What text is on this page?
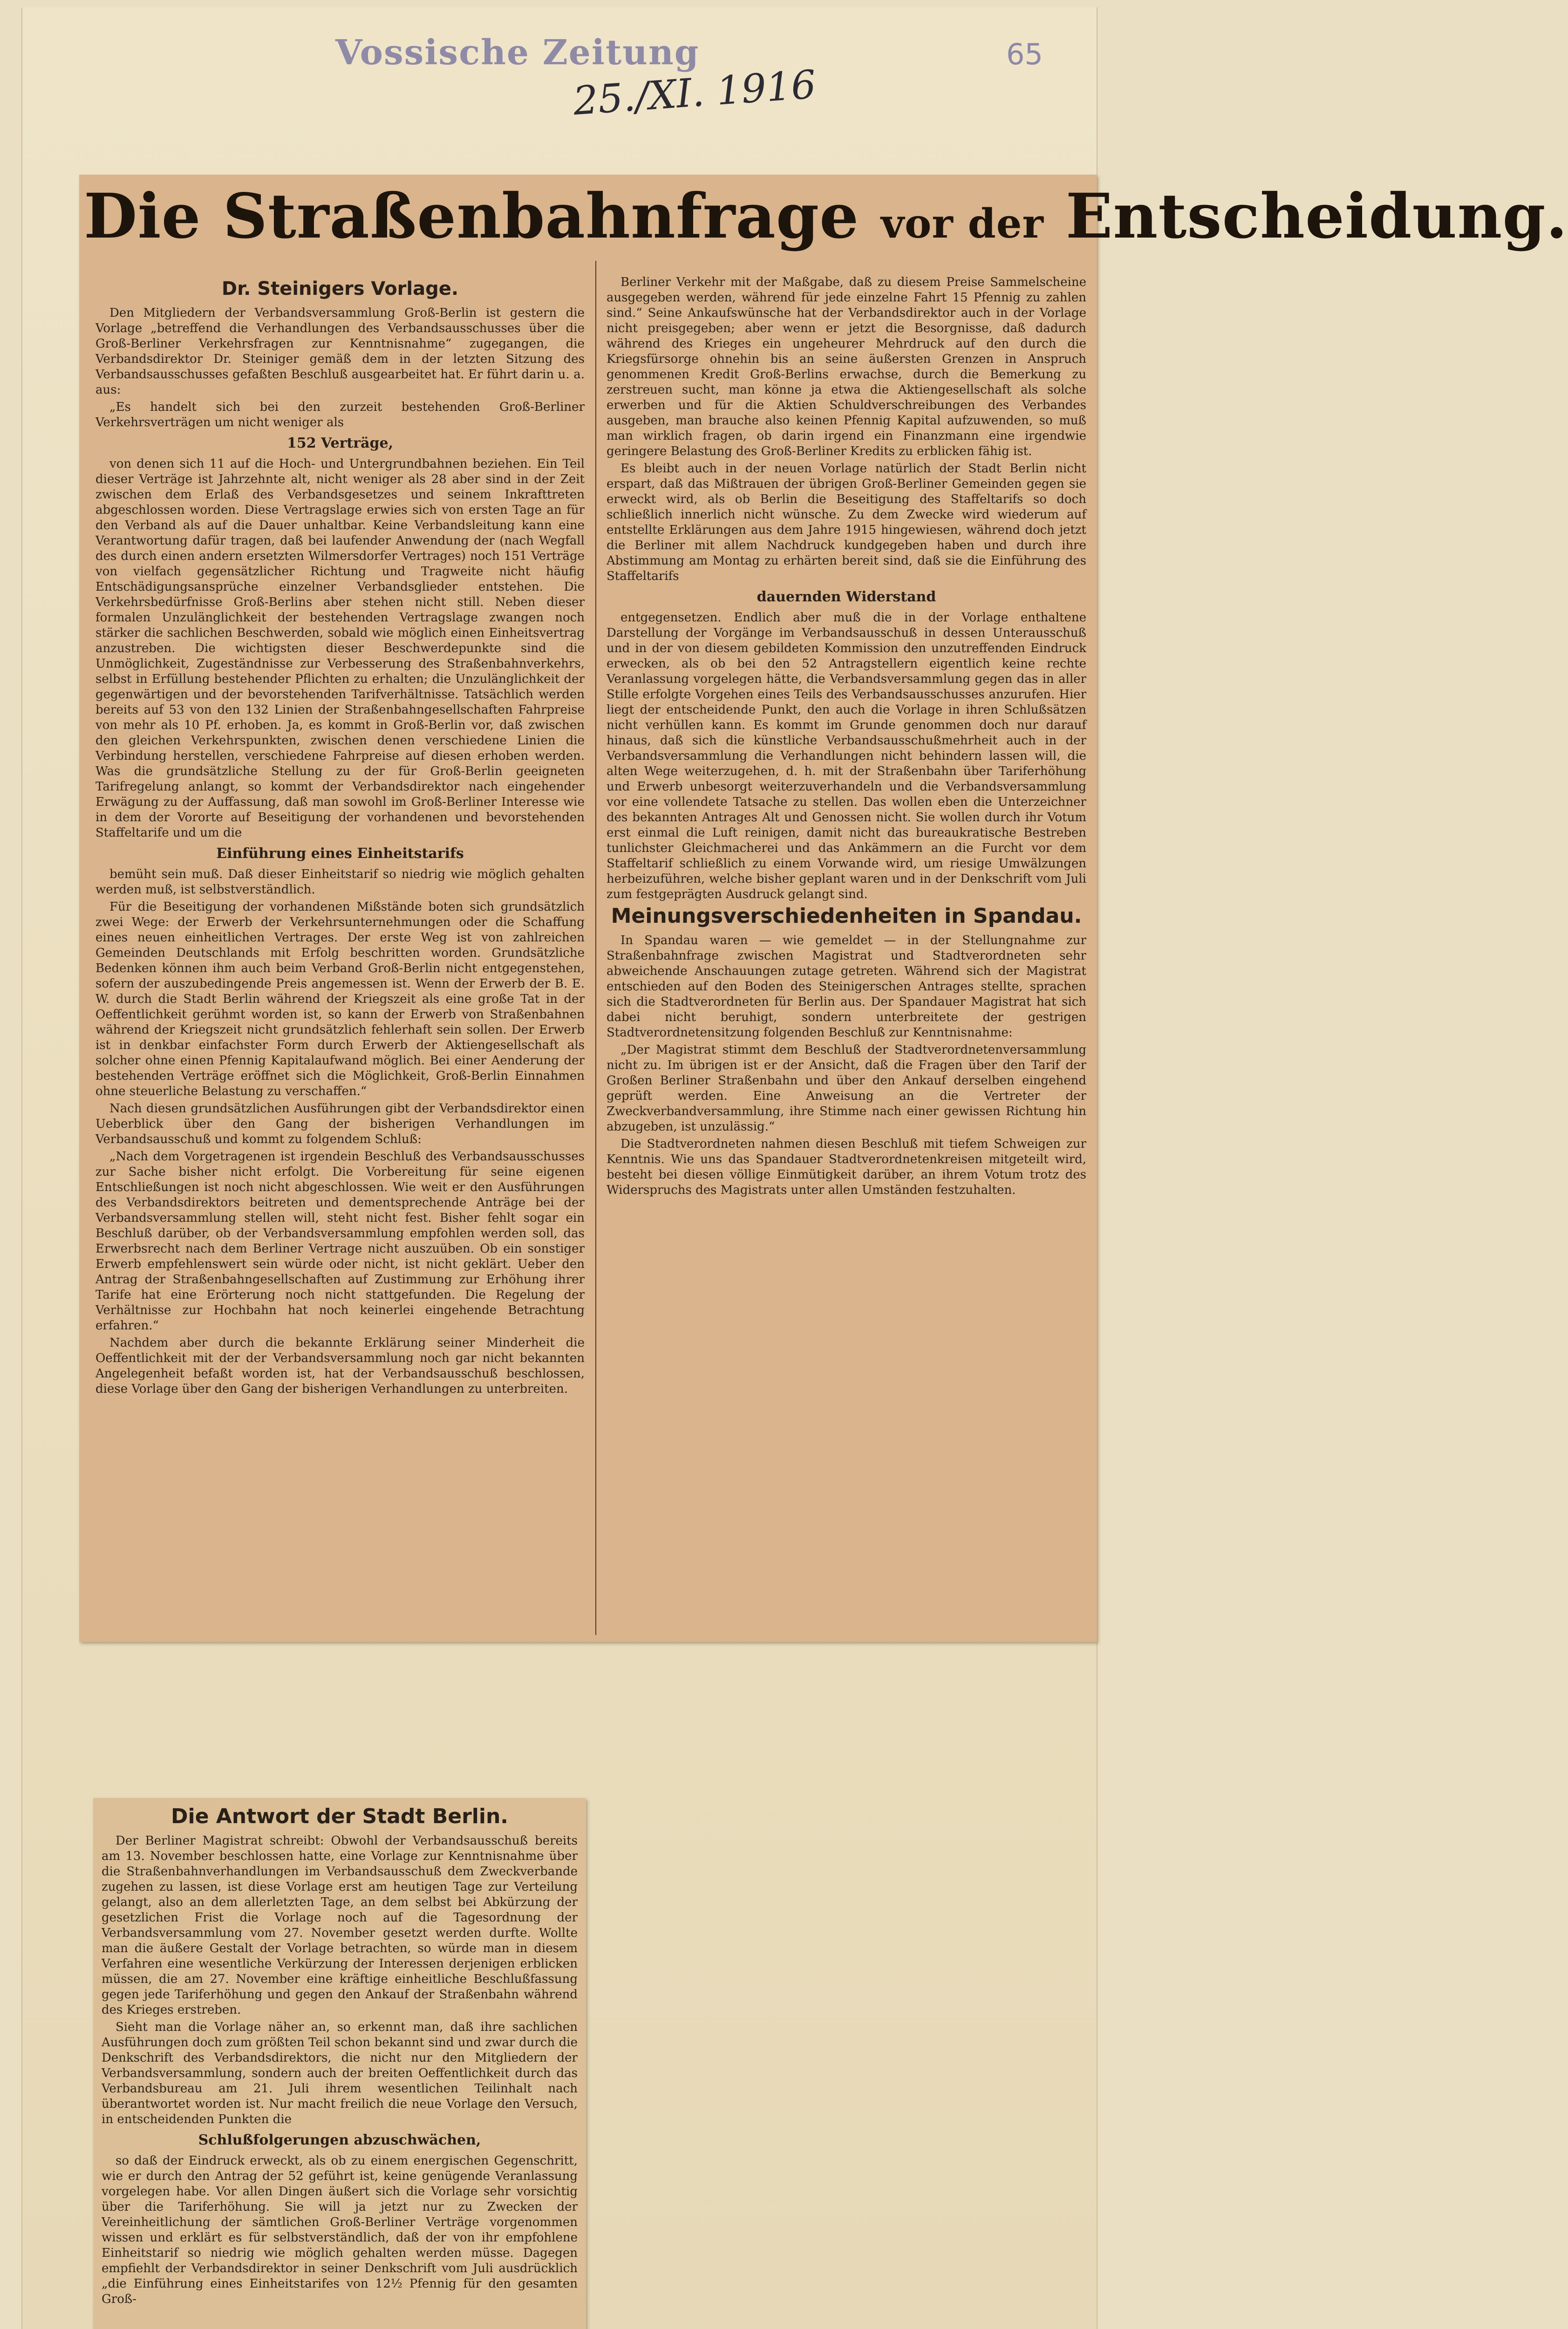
Vossische Zeitung
25./XI. 1916
65
Die Straßenbahnfrage vor der Entscheidung.
Dr. Steinigers Vorlage.

Den Mitgliedern der Verbandsversammlung Groß-Berlin ist gestern die Vorlage „betreffend die Verhandlungen des Verbandsausschusses über die Groß-Berliner Verkehrsfragen zur Kenntnisnahme“ zugegangen, die Verbandsdirektor Dr. Steiniger gemäß dem in der letzten Sitzung des Verbandsausschusses gefaßten Beschluß ausgearbeitet hat. Er führt darin u. a. aus:

„Es handelt sich bei den zurzeit bestehenden Groß-Berliner Verkehrsverträgen um nicht weniger als

152 Verträge,

von denen sich 11 auf die Hoch- und Untergrundbahnen beziehen. Ein Teil dieser Verträge ist Jahrzehnte alt, nicht weniger als 28 aber sind in der Zeit zwischen dem Erlaß des Verbandsgesetzes und seinem Inkrafttreten abgeschlossen worden. Diese Vertragslage erwies sich von ersten Tage an für den Verband als auf die Dauer unhaltbar. Keine Verbandsleitung kann eine Verantwortung dafür tragen, daß bei laufender Anwendung der (nach Wegfall des durch einen andern ersetzten Wilmersdorfer Vertrages) noch 151 Verträge von vielfach gegensätzlicher Richtung und Tragweite nicht häufig Entschädigungsansprüche einzelner Verbandsglieder entstehen. Die Verkehrsbedürfnisse Groß-Berlins aber stehen nicht still. Neben dieser formalen Unzulänglichkeit der bestehenden Vertragslage zwangen noch stärker die sachlichen Beschwerden, sobald wie möglich einen Einheitsvertrag anzustreben. Die wichtigsten dieser Beschwerdepunkte sind die Unmöglichkeit, Zugeständnisse zur Verbesserung des Straßenbahnverkehrs, selbst in Erfüllung bestehender Pflichten zu erhalten; die Unzulänglichkeit der gegenwärtigen und der bevorstehenden Tarifverhältnisse. Tatsächlich werden bereits auf 53 von den 132 Linien der Straßenbahngesellschaften Fahrpreise von mehr als 10 Pf. erhoben. Ja, es kommt in Groß-Berlin vor, daß zwischen den gleichen Verkehrspunkten, zwischen denen verschiedene Linien die Verbindung herstellen, verschiedene Fahrpreise auf diesen erhoben werden. Was die grundsätzliche Stellung zu der für Groß-Berlin geeigneten Tarifregelung anlangt, so kommt der Verbandsdirektor nach eingehender Erwägung zu der Auffassung, daß man sowohl im Groß-Berliner Interesse wie in dem der Vororte auf Beseitigung der vorhandenen und bevorstehenden Staffeltarife und um die

Einführung eines Einheitstarifs

bemüht sein muß. Daß dieser Einheitstarif so niedrig wie möglich gehalten werden muß, ist selbstverständlich.

Für die Beseitigung der vorhandenen Mißstände boten sich grundsätzlich zwei Wege: der Erwerb der Verkehrsunternehmungen oder die Schaffung eines neuen einheitlichen Vertrages. Der erste Weg ist von zahlreichen Gemeinden Deutschlands mit Erfolg beschritten worden. Grundsätzliche Bedenken können ihm auch beim Verband Groß-Berlin nicht entgegenstehen, sofern der auszubedingende Preis angemessen ist. Wenn der Erwerb der B. E. W. durch die Stadt Berlin während der Kriegszeit als eine große Tat in der Oeffentlichkeit gerühmt worden ist, so kann der Erwerb von Straßenbahnen während der Kriegszeit nicht grundsätzlich fehlerhaft sein sollen. Der Erwerb ist in denkbar einfachster Form durch Erwerb der Aktiengesellschaft als solcher ohne einen Pfennig Kapitalaufwand möglich. Bei einer Aenderung der bestehenden Verträge eröffnet sich die Möglichkeit, Groß-Berlin Einnahmen ohne steuerliche Belastung zu verschaffen.“

Nach diesen grundsätzlichen Ausführungen gibt der Verbandsdirektor einen Ueberblick über den Gang der bisherigen Verhandlungen im Verbandsausschuß und kommt zu folgendem Schluß:

„Nach dem Vorgetragenen ist irgendein Beschluß des Verbandsausschusses zur Sache bisher nicht erfolgt. Die Vorbereitung für seine eigenen Entschließungen ist noch nicht abgeschlossen. Wie weit er den Ausführungen des Verbandsdirektors beitreten und dementsprechende Anträge bei der Verbandsversammlung stellen will, steht nicht fest. Bisher fehlt sogar ein Beschluß darüber, ob der Verbandsversammlung empfohlen werden soll, das Erwerbsrecht nach dem Berliner Vertrage nicht auszuüben. Ob ein sonstiger Erwerb empfehlenswert sein würde oder nicht, ist nicht geklärt. Ueber den Antrag der Straßenbahngesellschaften auf Zustimmung zur Erhöhung ihrer Tarife hat eine Erörterung noch nicht stattgefunden. Die Regelung der Verhältnisse zur Hochbahn hat noch keinerlei eingehende Betrachtung erfahren.“

Nachdem aber durch die bekannte Erklärung seiner Minderheit die Oeffentlichkeit mit der der Verbandsversammlung noch gar nicht bekannten Angelegenheit befaßt worden ist, hat der Verbandsausschuß beschlossen, diese Vorlage über den Gang der bisherigen Verhandlungen zu unterbreiten.

Berliner Verkehr mit der Maßgabe, daß zu diesem Preise Sammelscheine ausgegeben werden, während für jede einzelne Fahrt 15 Pfennig zu zahlen sind.“ Seine Ankaufswünsche hat der Verbandsdirektor auch in der Vorlage nicht preisgegeben; aber wenn er jetzt die Besorgnisse, daß dadurch während des Krieges ein ungeheurer Mehrdruck auf den durch die Kriegsfürsorge ohnehin bis an seine äußersten Grenzen in Anspruch genommenen Kredit Groß-Berlins erwachse, durch die Bemerkung zu zerstreuen sucht, man könne ja etwa die Aktiengesellschaft als solche erwerben und für die Aktien Schuldverschreibungen des Verbandes ausgeben, man brauche also keinen Pfennig Kapital aufzuwenden, so muß man wirklich fragen, ob darin irgend ein Finanzmann eine irgendwie geringere Belastung des Groß-Berliner Kredits zu erblicken fähig ist.

Es bleibt auch in der neuen Vorlage natürlich der Stadt Berlin nicht erspart, daß das Mißtrauen der übrigen Groß-Berliner Gemeinden gegen sie erweckt wird, als ob Berlin die Beseitigung des Staffeltarifs so doch schließlich innerlich nicht wünsche. Zu dem Zwecke wird wiederum auf entstellte Erklärungen aus dem Jahre 1915 hingewiesen, während doch jetzt die Berliner mit allem Nachdruck kundgegeben haben und durch ihre Abstimmung am Montag zu erhärten bereit sind, daß sie die Einführung des Staffeltarifs

dauernden Widerstand

entgegensetzen. Endlich aber muß die in der Vorlage enthaltene Darstellung der Vorgänge im Verbandsausschuß in dessen Unterausschuß und in der von diesem gebildeten Kommission den unzutreffenden Eindruck erwecken, als ob bei den 52 Antragstellern eigentlich keine rechte Veranlassung vorgelegen hätte, die Verbandsversammlung gegen das in aller Stille erfolgte Vorgehen eines Teils des Verbandsausschusses anzurufen. Hier liegt der entscheidende Punkt, den auch die Vorlage in ihren Schlußsätzen nicht verhüllen kann. Es kommt im Grunde genommen doch nur darauf hinaus, daß sich die künstliche Verbandsausschußmehrheit auch in der Verbandsversammlung die Verhandlungen nicht behindern lassen will, die alten Wege weiterzugehen, d. h. mit der Straßenbahn über Tariferhöhung und Erwerb unbesorgt weiterzuverhandeln und die Verbandsversammlung vor eine vollendete Tatsache zu stellen. Das wollen eben die Unterzeichner des bekannten Antrages Alt und Genossen nicht. Sie wollen durch ihr Votum erst einmal die Luft reinigen, damit nicht das bureaukratische Bestreben tunlichster Gleichmacherei und das Ankämmern an die Furcht vor dem Staffeltarif schließlich zu einem Vorwande wird, um riesige Umwälzungen herbeizuführen, welche bisher geplant waren und in der Denkschrift vom Juli zum festgeprägten Ausdruck gelangt sind.

Meinungsverschiedenheiten in Spandau.

In Spandau waren — wie gemeldet — in der Stellungnahme zur Straßenbahnfrage zwischen Magistrat und Stadtverordneten sehr abweichende Anschauungen zutage getreten. Während sich der Magistrat entschieden auf den Boden des Steinigerschen Antrages stellte, sprachen sich die Stadtverordneten für Berlin aus. Der Spandauer Magistrat hat sich dabei nicht beruhigt, sondern unterbreitete der gestrigen Stadtverordnetensitzung folgenden Beschluß zur Kenntnisnahme:

„Der Magistrat stimmt dem Beschluß der Stadtverordnetenversammlung nicht zu. Im übrigen ist er der Ansicht, daß die Fragen über den Tarif der Großen Berliner Straßenbahn und über den Ankauf derselben eingehend geprüft werden. Eine Anweisung an die Vertreter der Zweckverbandversammlung, ihre Stimme nach einer gewissen Richtung hin abzugeben, ist unzulässig.“

Die Stadtverordneten nahmen diesen Beschluß mit tiefem Schweigen zur Kenntnis. Wie uns das Spandauer Stadtverordnetenkreisen mitgeteilt wird, besteht bei diesen völlige Einmütigkeit darüber, an ihrem Votum trotz des Widerspruchs des Magistrats unter allen Umständen festzuhalten.

Die Antwort der Stadt Berlin.

Der Berliner Magistrat schreibt: Obwohl der Verbandsausschuß bereits am 13. November beschlossen hatte, eine Vorlage zur Kenntnisnahme über die Straßenbahnverhandlungen im Verbandsausschuß dem Zweckverbande zugehen zu lassen, ist diese Vorlage erst am heutigen Tage zur Verteilung gelangt, also an dem allerletzten Tage, an dem selbst bei Abkürzung der gesetzlichen Frist die Vorlage noch auf die Tagesordnung der Verbandsversammlung vom 27. November gesetzt werden durfte. Wollte man die äußere Gestalt der Vorlage betrachten, so würde man in diesem Verfahren eine wesentliche Verkürzung der Interessen derjenigen erblicken müssen, die am 27. November eine kräftige einheitliche Beschlußfassung gegen jede Tariferhöhung und gegen den Ankauf der Straßenbahn während des Krieges erstreben.

Sieht man die Vorlage näher an, so erkennt man, daß ihre sachlichen Ausführungen doch zum größten Teil schon bekannt sind und zwar durch die Denkschrift des Verbandsdirektors, die nicht nur den Mitgliedern der Verbandsversammlung, sondern auch der breiten Oeffentlichkeit durch das Verbandsbureau am 21. Juli ihrem wesentlichen Teilinhalt nach überantwortet worden ist. Nur macht freilich die neue Vorlage den Versuch, in entscheidenden Punkten die

Schlußfolgerungen abzuschwächen,

so daß der Eindruck erweckt, als ob zu einem energischen Gegenschritt, wie er durch den Antrag der 52 geführt ist, keine genügende Veranlassung vorgelegen habe. Vor allen Dingen äußert sich die Vorlage sehr vorsichtig über die Tariferhöhung. Sie will ja jetzt nur zu Zwecken der Vereinheitlichung der sämtlichen Groß-Berliner Verträge vorgenommen wissen und erklärt es für selbstverständlich, daß der von ihr empfohlene Einheitstarif so niedrig wie möglich gehalten werden müsse. Dagegen empfiehlt der Verbandsdirektor in seiner Denkschrift vom Juli ausdrücklich „die Einführung eines Einheitstarifes von 12½ Pfennig für den gesamten Groß-
